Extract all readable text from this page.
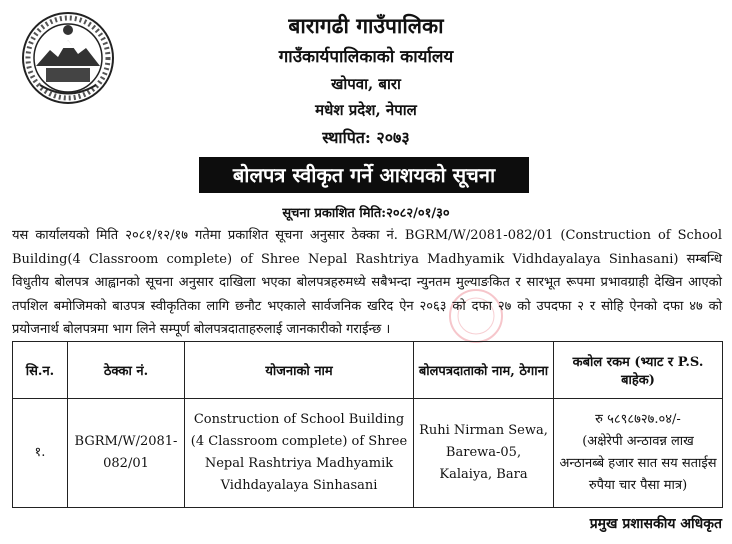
बारागढी गाउँपालिका
गाउँकार्यपालिकाको कार्यालय
खोपवा, बारा
मधेश प्रदेश, नेपाल
स्थापित: २०७३
बोलपत्र स्वीकृत गर्ने आशयको सूचना
सूचना प्रकाशित मिति:२०८२/०१/३०
यस कार्यालयको मिति २०८१/१२/१७ गतेमा प्रकाशित सूचना अनुसार ठेक्का नं. BGRM/W/2081-082/01 (Construction of School Building(4 Classroom complete) of Shree Nepal Rashtriya Madhyamik Vidhdayalaya Sinhasani) सम्बन्धि विधुतीय बोलपत्र आह्वानको सूचना अनुसार दाखिला भएका बोलपत्रहरुमध्ये सबैभन्दा न्युनतम मुल्याङकित र सारभूत रूपमा प्रभावग्राही देखिन आएको तपशिल बमोजिमको बाउपत्र स्वीकृतिका लागि छनौट भएकाले सार्वजनिक खरिद ऐन २०६३ को दफा २७ को उपदफा २ र सोहि ऐनको दफा ४७ को प्रयोजनार्थ बोलपत्रमा भाग लिने सम्पूर्ण बोलपत्रदाताहरुलाई जानकारीको गराईन्छ ।
सि.न.	ठेक्का नं.	योजनाको नाम	बोलपत्रदाताको नाम, ठेगाना	कबोल रकम (भ्याट र P.S. बाहेक)
१.	BGRM/W/2081-082/01	Construction of School Building (4 Classroom complete) of Shree Nepal Rashtriya Madhyamik Vidhdayalaya Sinhasani	Ruhi Nirman Sewa, Barewa-05, Kalaiya, Bara	रु ५८९८७२७.०४/-
(अक्षेरेपी अन्ठावन्न लाख अन्ठानब्बे हजार सात सय सताईस रुपैया चार पैसा मात्र)
प्रमुख प्रशासकीय अधिकृत
